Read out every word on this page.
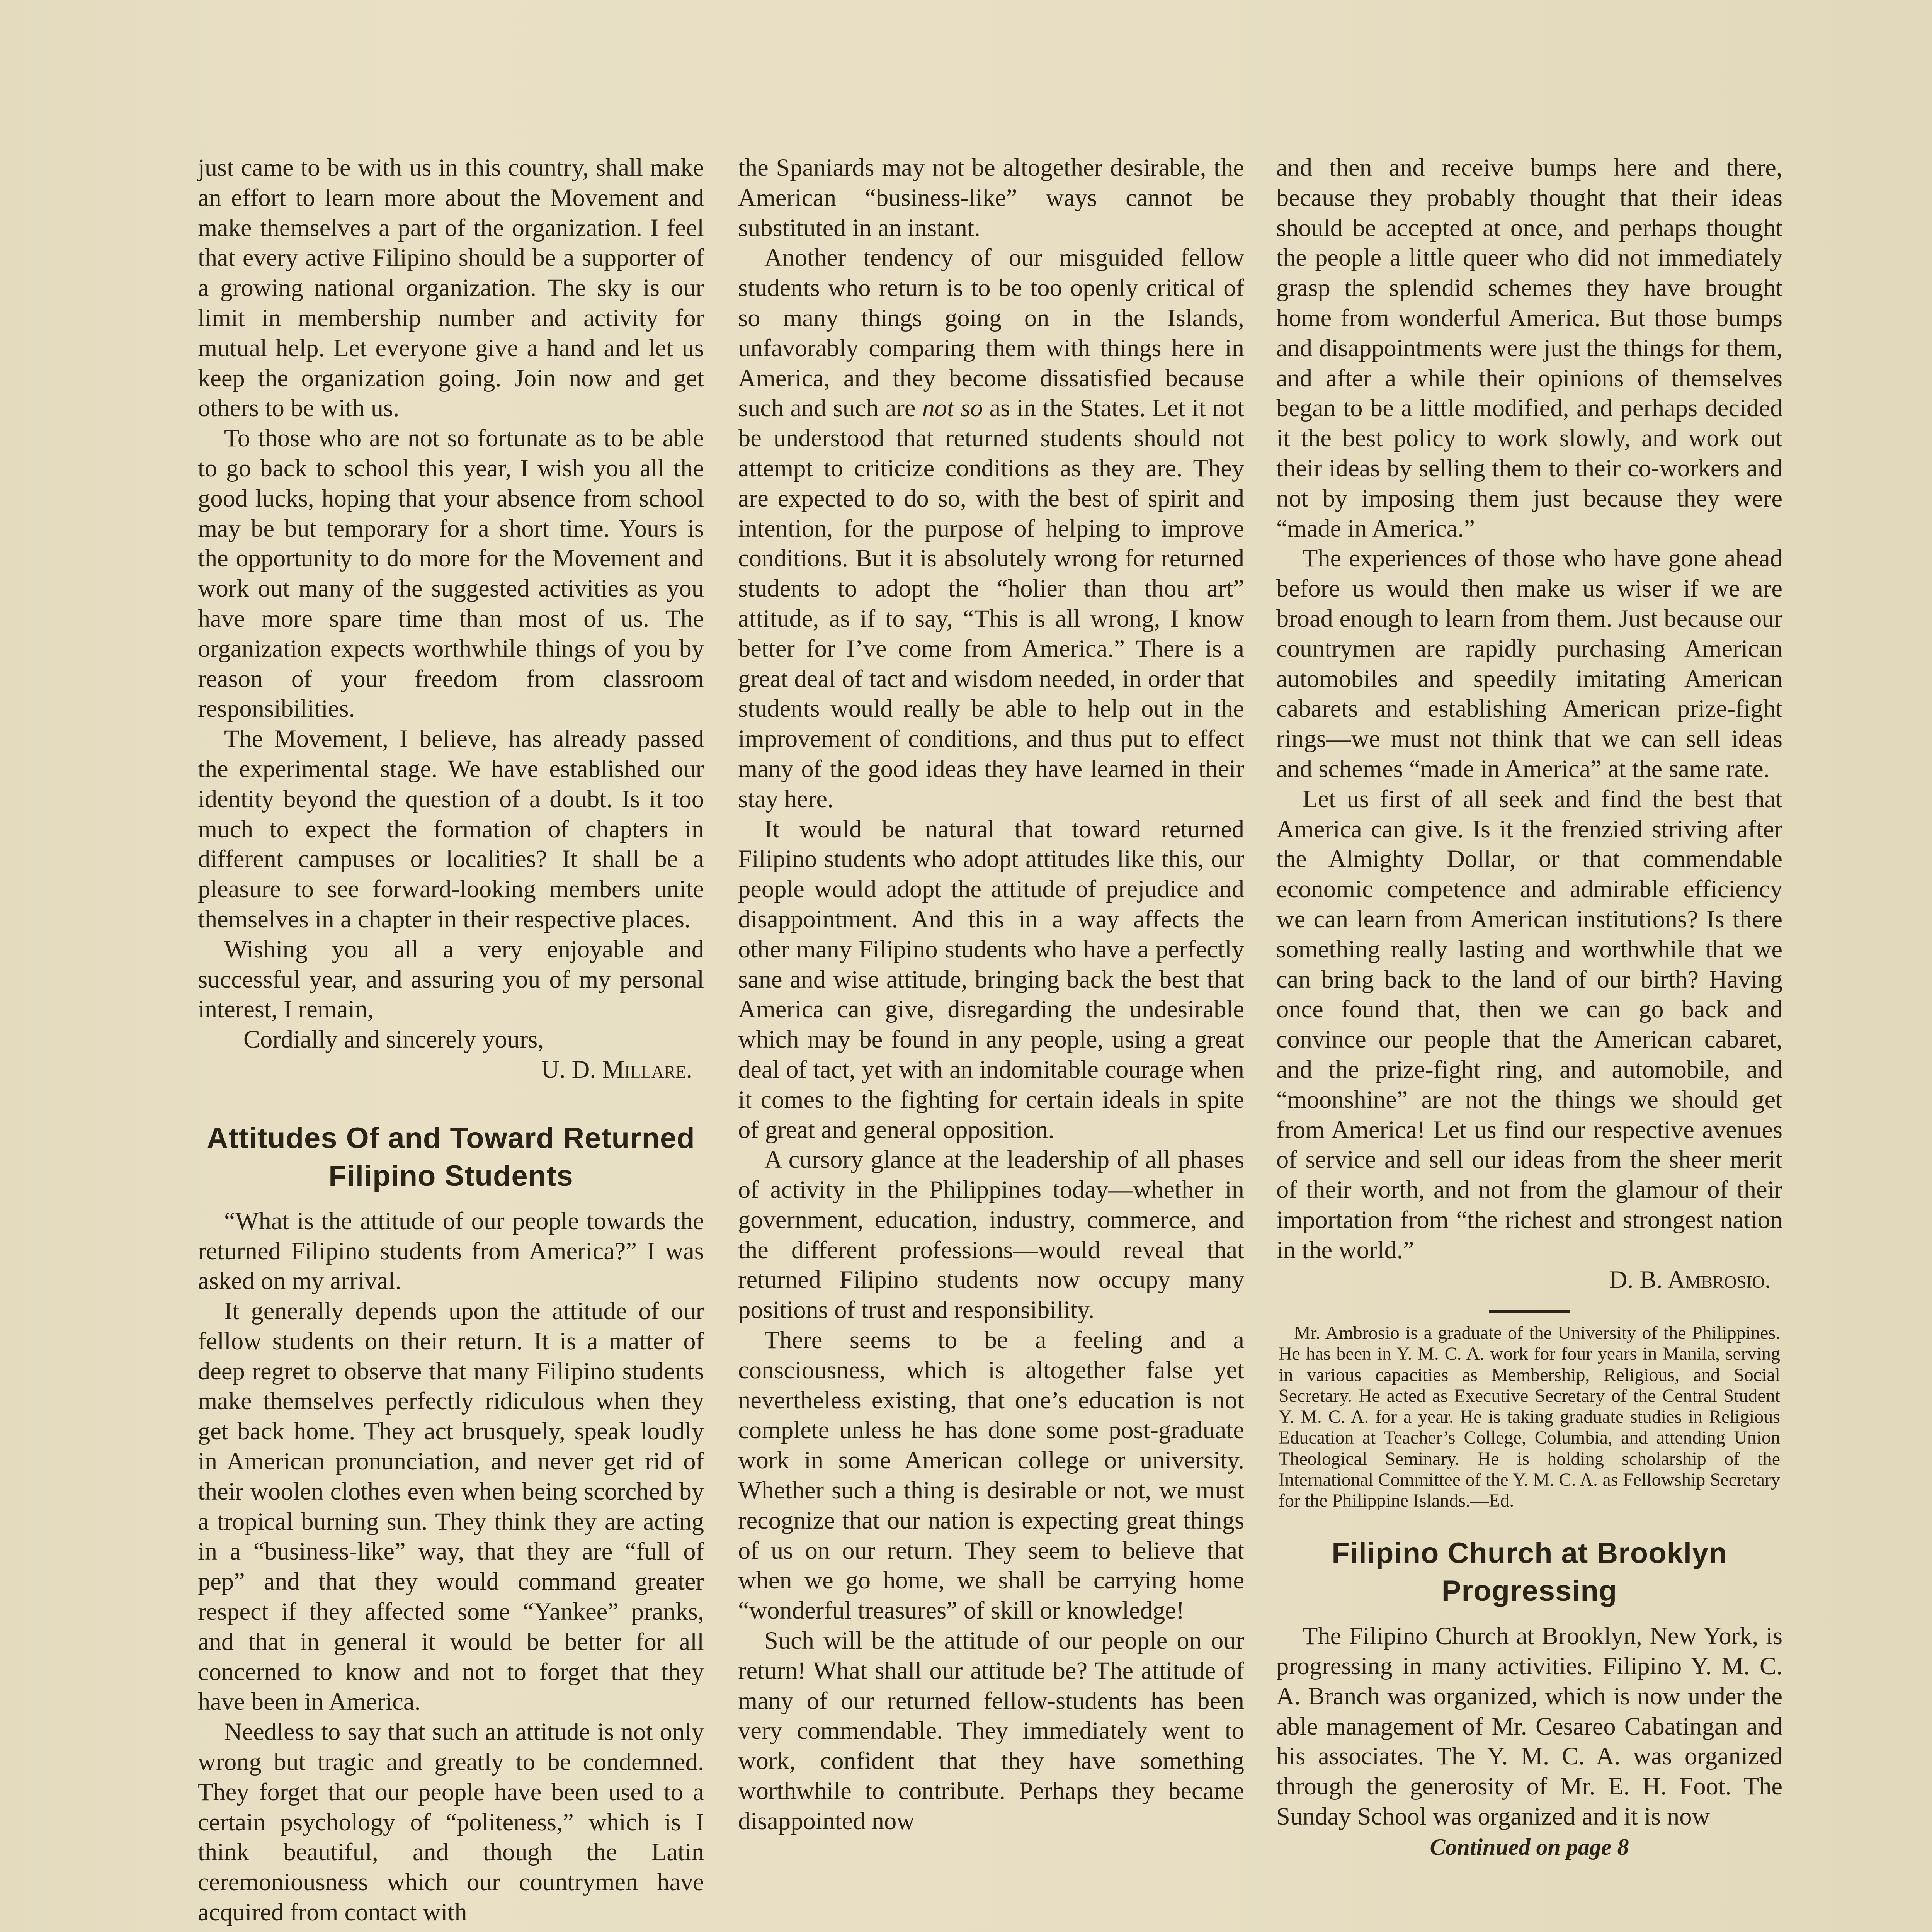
just came to be with us in this country, shall make an effort to learn more about the Movement and make themselves a part of the organization. I feel that every active Filipino should be a supporter of a growing national organization. The sky is our limit in membership number and activity for mutual help. Let everyone give a hand and let us keep the organization going. Join now and get others to be with us.

To those who are not so fortunate as to be able to go back to school this year, I wish you all the good lucks, hoping that your absence from school may be but temporary for a short time. Yours is the opportunity to do more for the Movement and work out many of the suggested activities as you have more spare time than most of us. The organization expects worthwhile things of you by reason of your freedom from classroom responsibilities.

The Movement, I believe, has already passed the experimental stage. We have established our identity beyond the question of a doubt. Is it too much to expect the formation of chapters in different campuses or localities? It shall be a pleasure to see forward-looking members unite themselves in a chapter in their respective places.

Wishing you all a very enjoyable and successful year, and assuring you of my personal interest, I remain,

Cordially and sincerely yours,

U. D. Millare.

Attitudes Of and Toward Returned Filipino Students

“What is the attitude of our people towards the returned Filipino students from America?” I was asked on my arrival.

It generally depends upon the attitude of our fellow students on their return. It is a matter of deep regret to observe that many Filipino students make themselves perfectly ridiculous when they get back home. They act brusquely, speak loudly in American pronunciation, and never get rid of their woolen clothes even when being scorched by a tropical burning sun. They think they are acting in a “business-like” way, that they are “full of pep” and that they would command greater respect if they affected some “Yankee” pranks, and that in general it would be better for all concerned to know and not to forget that they have been in America.

Needless to say that such an attitude is not only wrong but tragic and greatly to be condemned. They forget that our people have been used to a certain psychology of “politeness,” which is I think beautiful, and though the Latin ceremoniousness which our countrymen have acquired from contact with

the Spaniards may not be altogether desirable, the American “business-like” ways cannot be substituted in an instant.

Another tendency of our misguided fellow students who return is to be too openly critical of so many things going on in the Islands, unfavorably comparing them with things here in America, and they become dissatisfied because such and such are not so as in the States. Let it not be understood that returned students should not attempt to criticize conditions as they are. They are expected to do so, with the best of spirit and intention, for the purpose of helping to improve conditions. But it is absolutely wrong for returned students to adopt the “holier than thou art” attitude, as if to say, “This is all wrong, I know better for I’ve come from America.” There is a great deal of tact and wisdom needed, in order that students would really be able to help out in the improvement of conditions, and thus put to effect many of the good ideas they have learned in their stay here.

It would be natural that toward returned Filipino students who adopt attitudes like this, our people would adopt the attitude of prejudice and disappointment. And this in a way affects the other many Filipino students who have a perfectly sane and wise attitude, bringing back the best that America can give, disregarding the undesirable which may be found in any people, using a great deal of tact, yet with an indomitable courage when it comes to the fighting for certain ideals in spite of great and general opposition.

A cursory glance at the leadership of all phases of activity in the Philippines today—whether in government, education, industry, commerce, and the different professions—would reveal that returned Filipino students now occupy many positions of trust and responsibility.

There seems to be a feeling and a consciousness, which is altogether false yet nevertheless existing, that one’s education is not complete unless he has done some post-graduate work in some American college or university. Whether such a thing is desirable or not, we must recognize that our nation is expecting great things of us on our return. They seem to believe that when we go home, we shall be carrying home “wonderful treasures” of skill or knowledge!

Such will be the attitude of our people on our return! What shall our attitude be? The attitude of many of our returned fellow-students has been very commendable. They immediately went to work, confident that they have something worthwhile to contribute. Perhaps they became disappointed now

and then and receive bumps here and there, because they probably thought that their ideas should be accepted at once, and perhaps thought the people a little queer who did not immediately grasp the splendid schemes they have brought home from wonderful America. But those bumps and disappointments were just the things for them, and after a while their opinions of themselves began to be a little modified, and perhaps decided it the best policy to work slowly, and work out their ideas by selling them to their co-workers and not by imposing them just because they were “made in America.”

The experiences of those who have gone ahead before us would then make us wiser if we are broad enough to learn from them. Just because our countrymen are rapidly purchasing American automobiles and speedily imitating American cabarets and establishing American prize-fight rings—we must not think that we can sell ideas and schemes “made in America” at the same rate.

Let us first of all seek and find the best that America can give. Is it the frenzied striving after the Almighty Dollar, or that commendable economic competence and admirable efficiency we can learn from American institutions? Is there something really lasting and worthwhile that we can bring back to the land of our birth? Having once found that, then we can go back and convince our people that the American cabaret, and the prize-fight ring, and automobile, and “moonshine” are not the things we should get from America! Let us find our respective avenues of service and sell our ideas from the sheer merit of their worth, and not from the glamour of their importation from “the richest and strongest nation in the world.”

D. B. Ambrosio.

Mr. Ambrosio is a graduate of the University of the Philippines. He has been in Y. M. C. A. work for four years in Manila, serving in various capacities as Membership, Religious, and Social Secretary. He acted as Executive Secretary of the Central Student Y. M. C. A. for a year. He is taking graduate studies in Religious Education at Teacher’s College, Columbia, and attending Union Theological Seminary. He is holding scholarship of the International Committee of the Y. M. C. A. as Fellowship Secretary for the Philippine Islands.—Ed.

Filipino Church at Brooklyn Progressing

The Filipino Church at Brooklyn, New York, is progressing in many activities. Filipino Y. M. C. A. Branch was organized, which is now under the able management of Mr. Cesareo Cabatingan and his associates. The Y. M. C. A. was organized through the generosity of Mr. E. H. Foot. The Sunday School was organized and it is now

Continued on page 8
